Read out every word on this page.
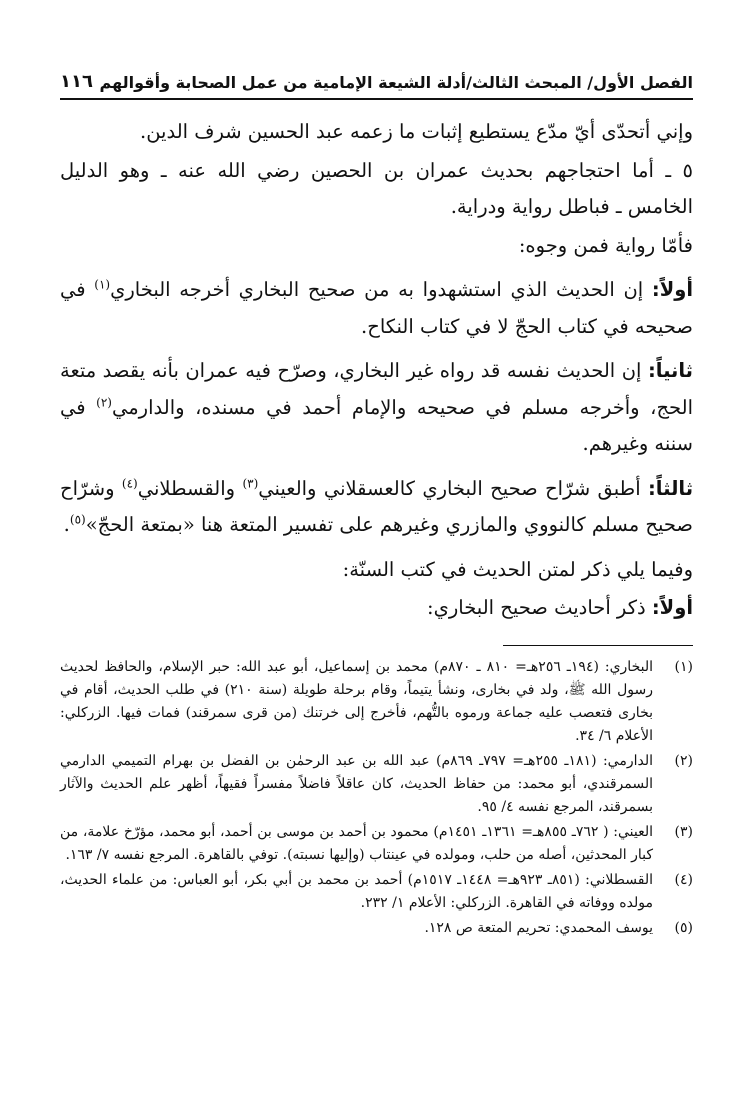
الفصل الأول/ المبحث الثالث/أدلة الشيعة الإمامية من عمل الصحابة وأقوالهم
١١٦

وإني أتحدّى أيّ مدّع يستطيع إثبات ما زعمه عبد الحسين شرف الدين.

٥ ـ أما احتجاجهم بحديث عمران بن الحصين رضي الله عنه ـ وهو الدليل الخامس ـ فباطل رواية ودراية.

فأمّا رواية فمن وجوه:

أولاً: إن الحديث الذي استشهدوا به من صحيح البخاري أخرجه البخاري$^{(١)}$ في صحيحه في كتاب الحجّ لا في كتاب النكاح.

ثانياً: إن الحديث نفسه قد رواه غير البخاري، وصرّح فيه عمران بأنه يقصد متعة الحج، وأخرجه مسلم في صحيحه والإمام أحمد في مسنده، والدارمي$^{(٢)}$ في سننه وغيرهم.

ثالثاً: أطبق شرّاح صحيح البخاري كالعسقلاني والعيني$^{(٣)}$ والقسطلاني$^{(٤)}$ وشرّاح صحيح مسلم كالنووي والمازري وغيرهم على تفسير المتعة هنا «بمتعة الحجّ»$^{(٥)}$.

وفيما يلي ذكر لمتن الحديث في كتب السنّة:

أولاً: ذكر أحاديث صحيح البخاري:

(١)
البخاري: (١٩٤ـ ٢٥٦هـ= ٨١٠ ـ ٨٧٠م) محمد بن إسماعيل، أبو عبد الله: حبر الإسلام، والحافظ لحديث رسول الله ﷺ، ولد في بخارى، ونشأ يتيماً، وقام برحلة طويلة (سنة ٢١٠) في طلب الحديث، أقام في بخارى فتعصب عليه جماعة ورموه بالتُّهم، فأخرج إلى خرتنك (من قرى سمرقند) فمات فيها. الزركلي: الأعلام ٦/ ٣٤.
(٢)
الدارمي: (١٨١ـ ٢٥٥هـ= ٧٩٧ـ ٨٦٩م) عبد الله بن عبد الرحمٰن بن الفضل بن بهرام التميمي الدارمي السمرقندي، أبو محمد: من حفاظ الحديث، كان عاقلاً فاضلاً مفسراً فقيهاً، أظهر علم الحديث والآثار بسمرقند، المرجع نفسه ٤/ ٩٥.
(٣)
العيني: ( ٧٦٢ـ ٨٥٥هـ= ١٣٦١ـ ١٤٥١م) محمود بن أحمد بن موسى بن أحمد، أبو محمد، مؤرّخ علامة، من كبار المحدثين، أصله من حلب، ومولده في عينتاب (وإليها نسبته). توفي بالقاهرة. المرجع نفسه ٧/ ١٦٣.
(٤)
القسطلاني: (٨٥١ـ ٩٢٣هـ= ١٤٤٨ـ ١٥١٧م) أحمد بن محمد بن أبي بكر، أبو العباس: من علماء الحديث، مولده ووفاته في القاهرة. الزركلي: الأعلام ١/ ٢٣٢.
(٥)
يوسف المحمدي: تحريم المتعة ص ١٢٨.
